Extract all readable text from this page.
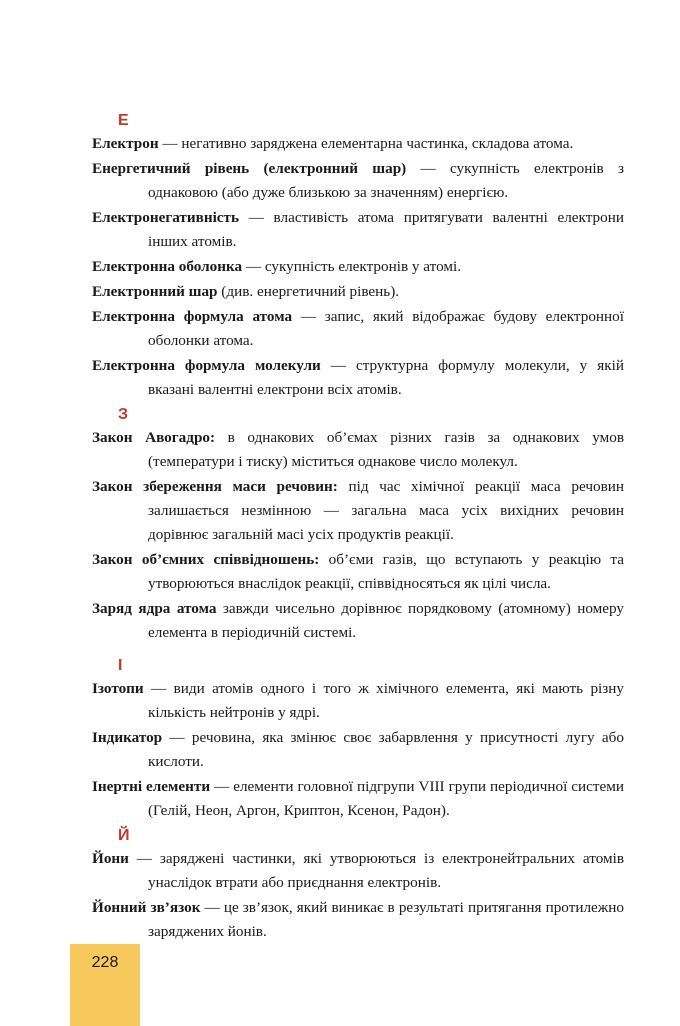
Е

Електрон — негативно заряджена елементарна частинка, складова атома.

Енергетичний рівень (електронний шар) — сукупність електронів з однаковою (або дуже близькою за значенням) енергією.

Електронегативність — властивість атома притягувати валентні електрони інших атомів.

Електронна оболонка — сукупність електронів у атомі.

Електронний шар (див. енергетичний рівень).

Електронна формула атома — запис, який відображає будову електронної оболонки атома.

Електронна формула молекули — структурна формулу молекули, у якій вказані валентні електрони всіх атомів.

З

Закон Авогадро: в однакових об’ємах різних газів за однакових умов (температури і тиску) міститься однакове число молекул.

Закон збереження маси речовин: під час хімічної реакції маса речовин залишається незмінною — загальна маса усіх вихідних речовин дорівнює загальній масі усіх продуктів реакції.

Закон об’ємних співвідношень: об’єми газів, що вступають у реакцію та утворюються внаслідок реакції, співвідносяться як цілі числа.

Заряд ядра атома завжди чисельно дорівнює порядковому (атомному) номеру елемента в періодичній системі.

І

Ізотопи — види атомів одного і того ж хімічного елемента, які мають різну кількість нейтронів у ядрі.

Індикатор — речовина, яка змінює своє забарвлення у присутності лугу або кислоти.

Інертні елементи — елементи головної підгрупи VIII групи періодичної системи (Гелій, Неон, Аргон, Криптон, Ксенон, Радон).

Й

Йони — заряджені частинки, які утворюються із електронейтральних атомів унаслідок втрати або приєднання електронів.

Йонний зв’язок — це зв’язок, який виникає в результаті притягання протилежно заряджених йонів.

228
